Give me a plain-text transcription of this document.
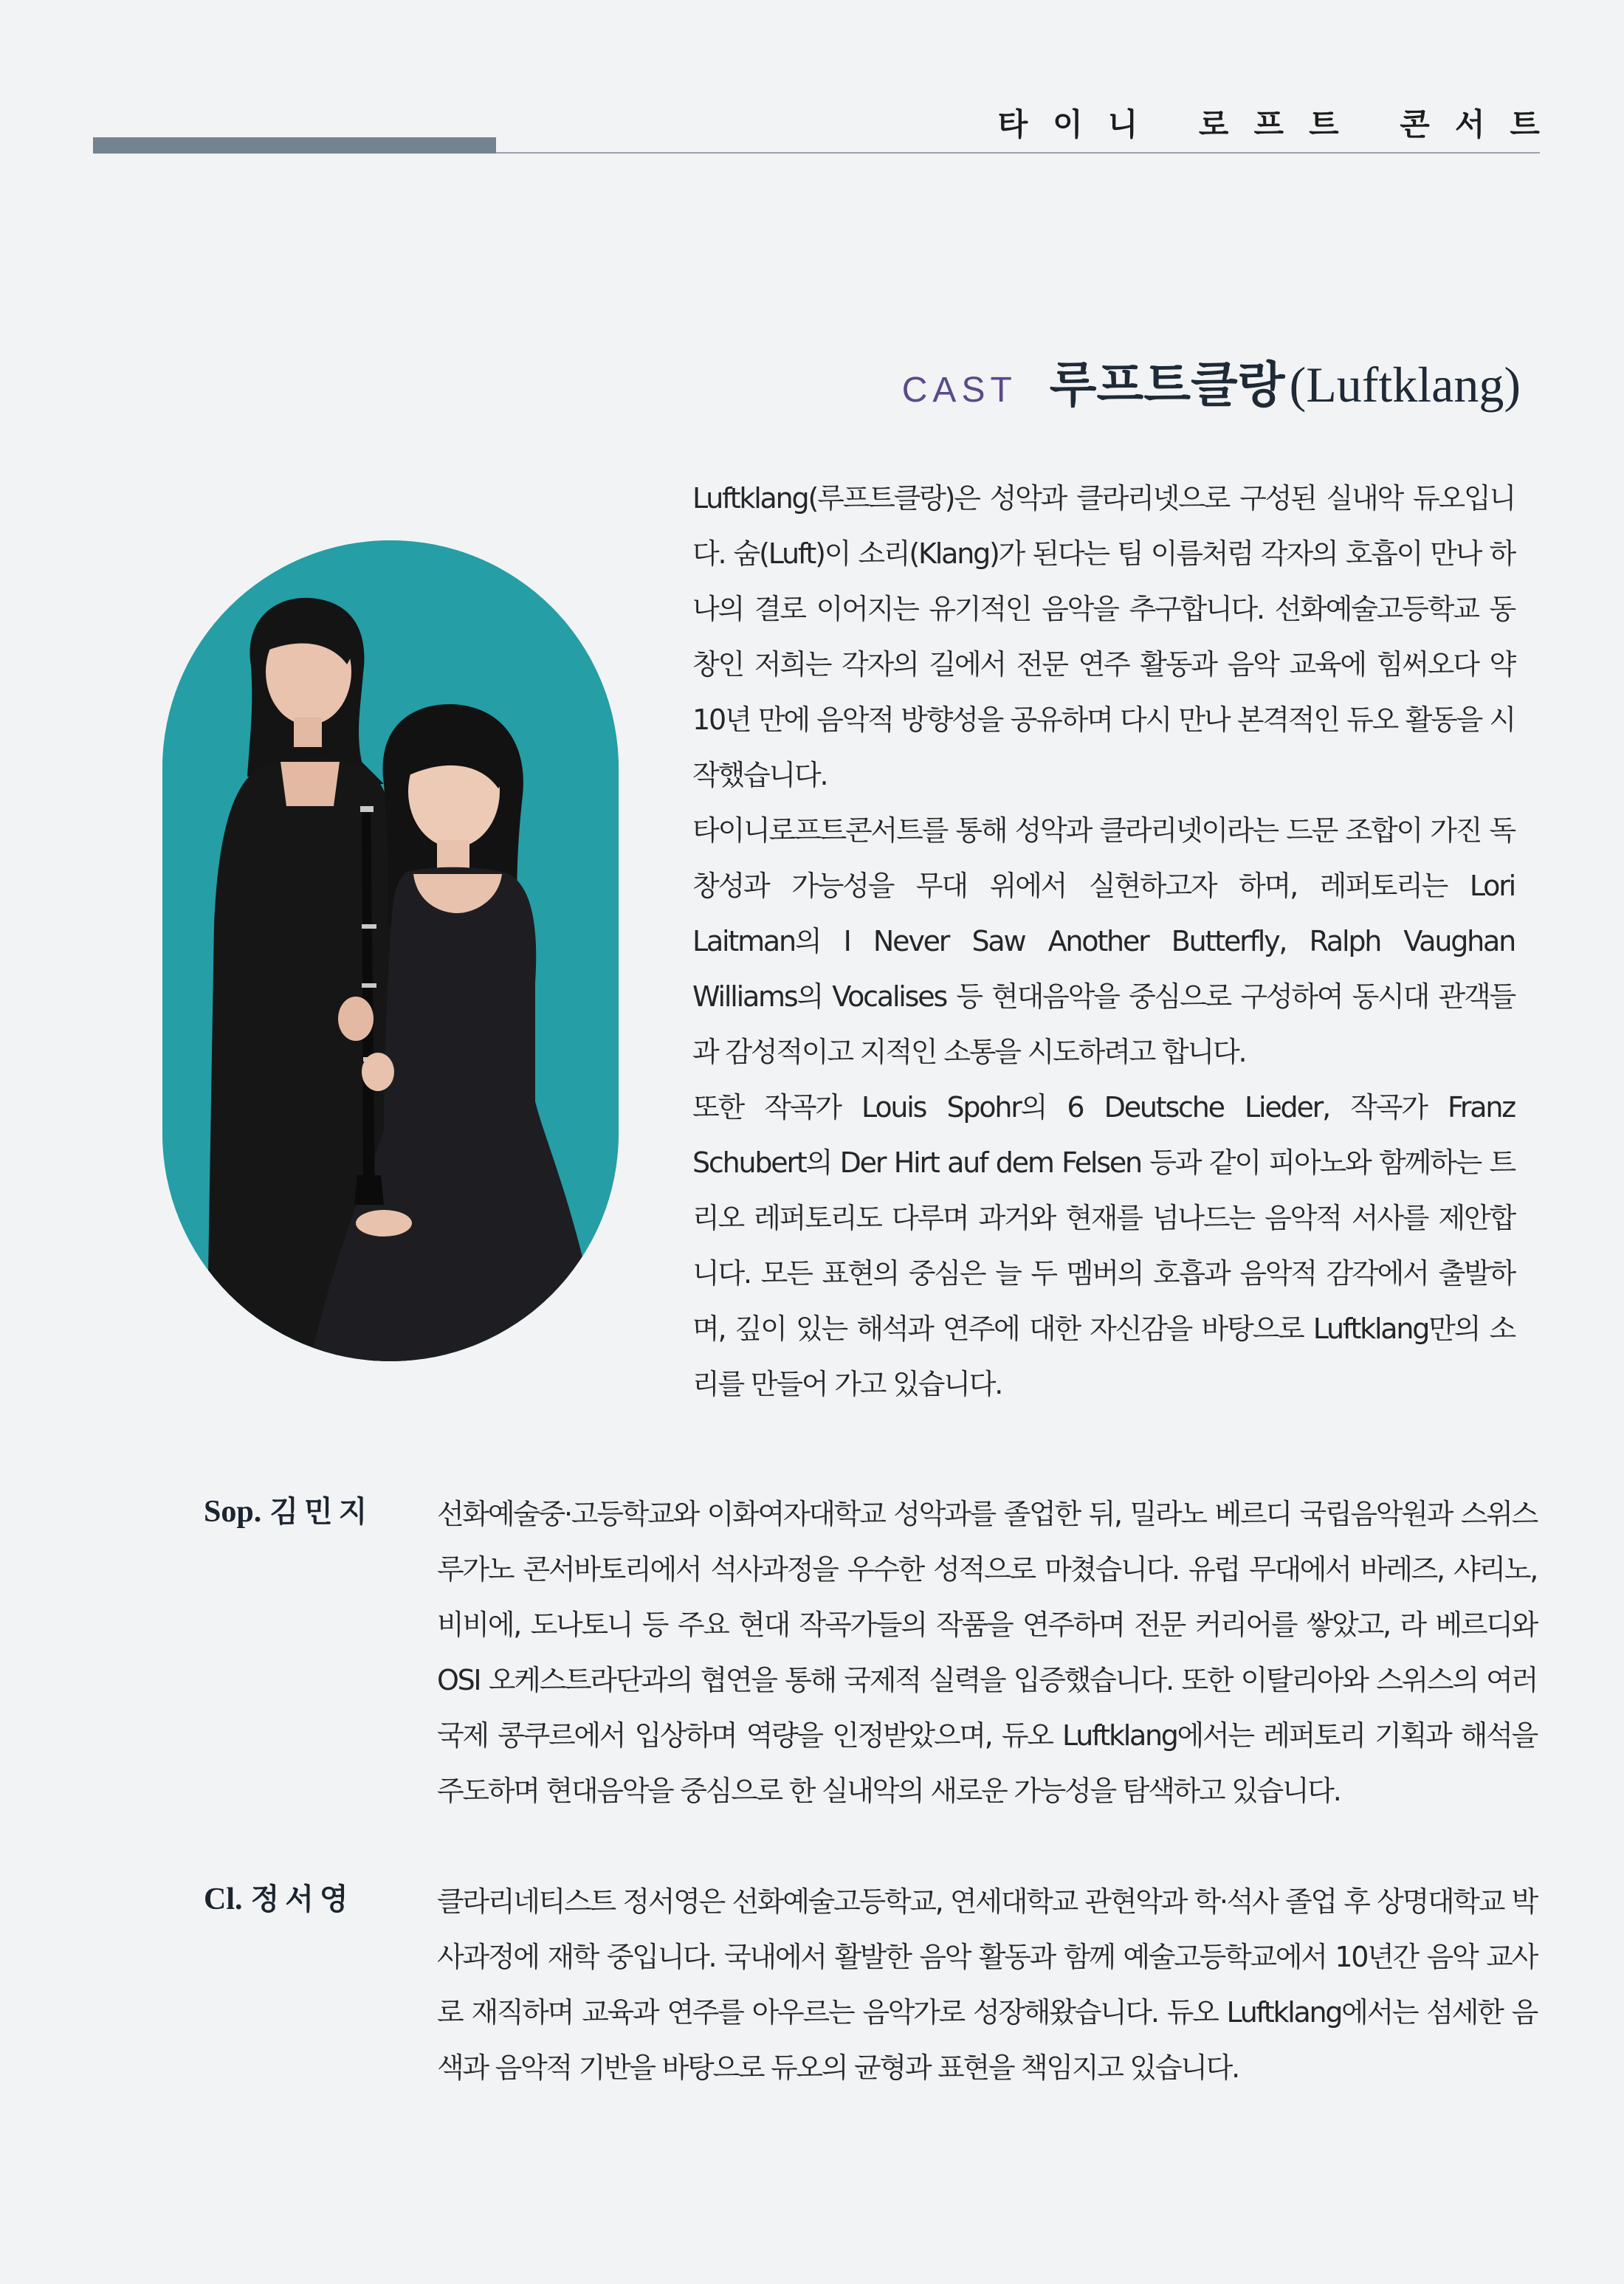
타이니 로프트 콘서트
CAST 루프트클랑 (Luftklang)

Luftklang(루프트클랑)은 성악과 클라리넷으로 구성된 실내악 듀오입니다. 숨(Luft)이 소리(Klang)가 된다는 팀 이름처럼 각자의 호흡이 만나 하나의 결로 이어지는 유기적인 음악을 추구합니다. 선화예술고등학교 동창인 저희는 각자의 길에서 전문 연주 활동과 음악 교육에 힘써오다 약 10년 만에 음악적 방향성을 공유하며 다시 만나 본격적인 듀오 활동을 시작했습니다.

타이니로프트콘서트를 통해 성악과 클라리넷이라는 드문 조합이 가진 독창성과 가능성을 무대 위에서 실현하고자 하며, 레퍼토리는 Lori Laitman의 I Never Saw Another Butterfly, Ralph Vaughan Williams의 Vocalises 등 현대음악을 중심으로 구성하여 동시대 관객들과 감성적이고 지적인 소통을 시도하려고 합니다.

또한 작곡가 Louis Spohr의 6 Deutsche Lieder, 작곡가 Franz Schubert의 Der Hirt auf dem Felsen 등과 같이 피아노와 함께하는 트리오 레퍼토리도 다루며 과거와 현재를 넘나드는 음악적 서사를 제안합니다. 모든 표현의 중심은 늘 두 멤버의 호흡과 음악적 감각에서 출발하며, 깊이 있는 해석과 연주에 대한 자신감을 바탕으로 Luftklang만의 소리를 만들어 가고 있습니다.

Sop. 김민지	선화예술중·고등학교와 이화여자대학교 성악과를 졸업한 뒤, 밀라노 베르디 국립음악원과 스위스 루가노 콘서바토리에서 석사과정을 우수한 성적으로 마쳤습니다. 유럽 무대에서 바레즈, 샤리노, 비비에, 도나토니 등 주요 현대 작곡가들의 작품을 연주하며 전문 커리어를 쌓았고, 라 베르디와 OSI 오케스트라단과의 협연을 통해 국제적 실력을 입증했습니다. 또한 이탈리아와 스위스의 여러 국제 콩쿠르에서 입상하며 역량을 인정받았으며, 듀오 Luftklang에서는 레퍼토리 기획과 해석을 주도하며 현대음악을 중심으로 한 실내악의 새로운 가능성을 탐색하고 있습니다.

Cl. 정서영	클라리네티스트 정서영은 선화예술고등학교, 연세대학교 관현악과 학·석사 졸업 후 상명대학교 박사과정에 재학 중입니다. 국내에서 활발한 음악 활동과 함께 예술고등학교에서 10년간 음악 교사로 재직하며 교육과 연주를 아우르는 음악가로 성장해왔습니다. 듀오 Luftklang에서는 섬세한 음색과 음악적 기반을 바탕으로 듀오의 균형과 표현을 책임지고 있습니다.
